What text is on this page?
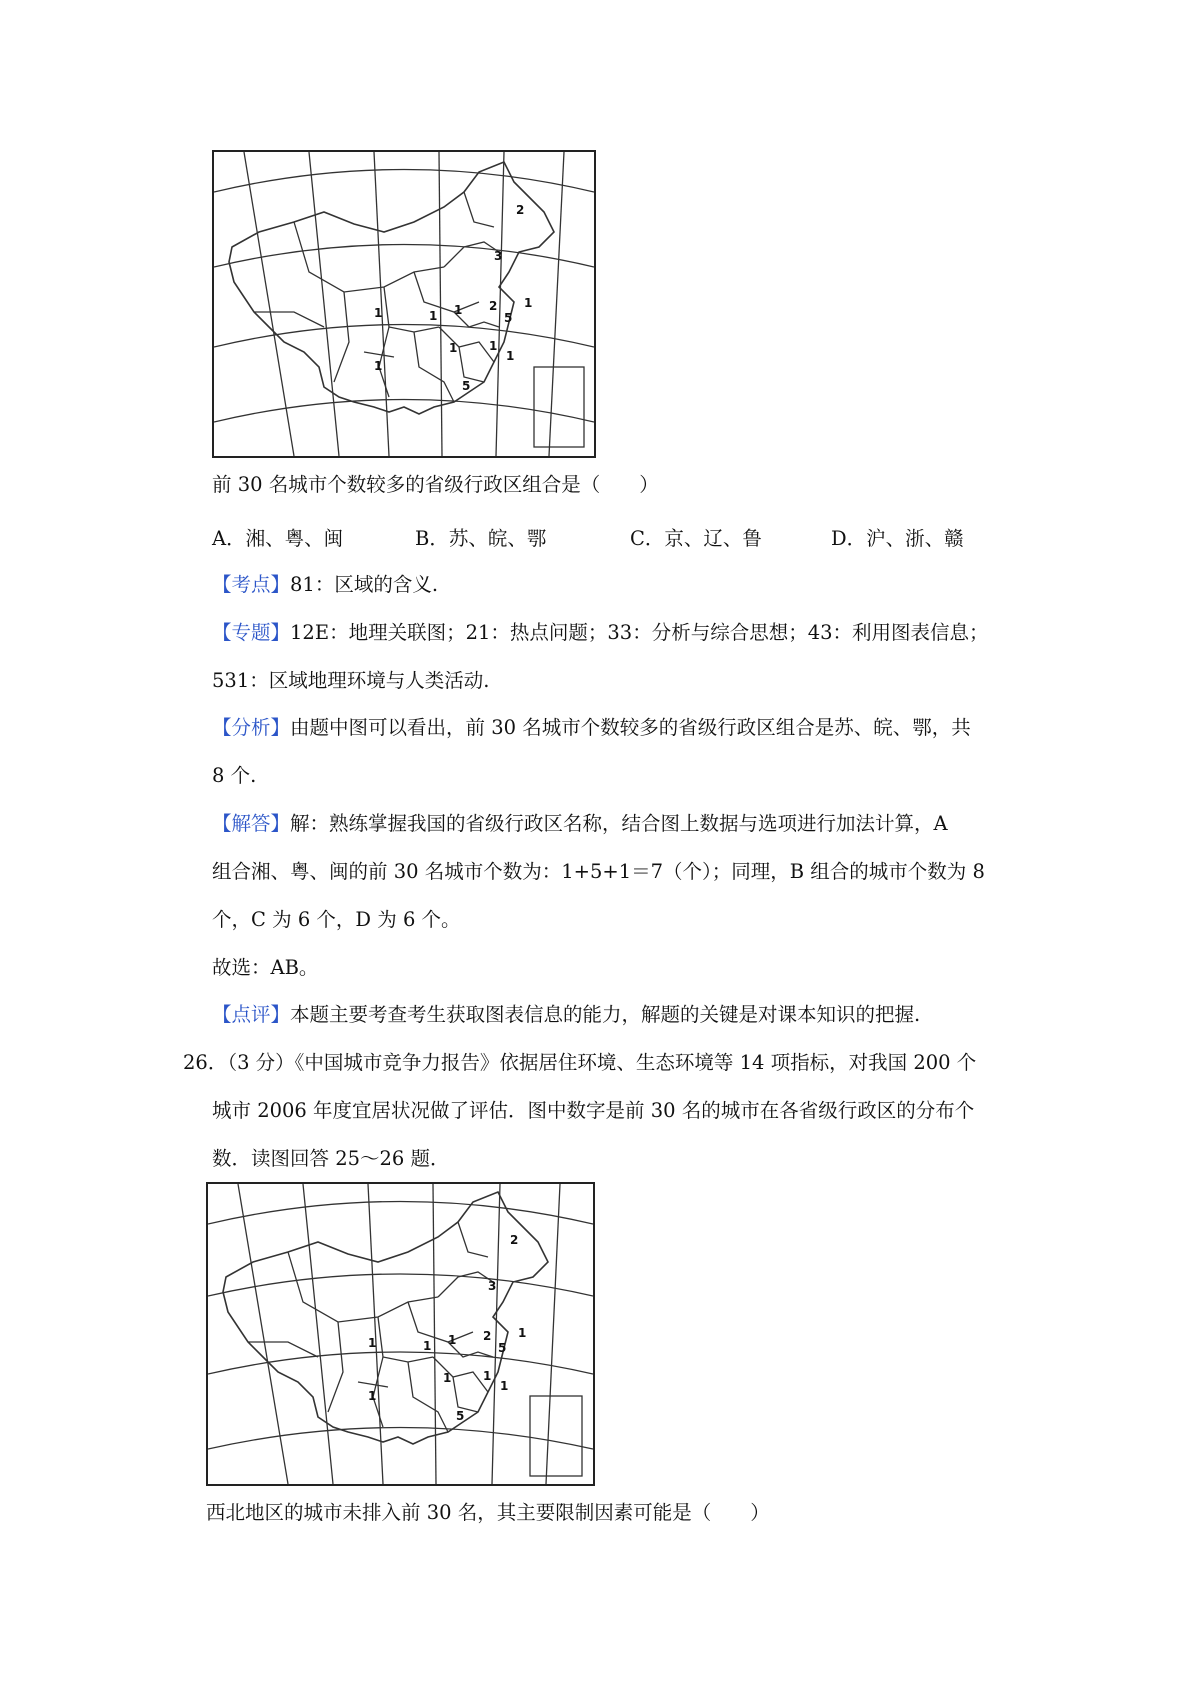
2
3
1
2
5
1
1	1
1	1
1
5
1
前 30 名城市个数较多的省级行政区组合是（　　）
A．湘、粤、闽	B．苏、皖、鄂	C．京、辽、鲁	D．沪、浙、赣
【考点】81：区域的含义.
【专题】12E：地理关联图；21：热点问题；33：分析与综合思想；43：利用图表信息；
531：区域地理环境与人类活动.
【分析】由题中图可以看出，前 30 名城市个数较多的省级行政区组合是苏、皖、鄂，共
8 个.
【解答】解：熟练掌握我国的省级行政区名称，结合图上数据与选项进行加法计算，A
组合湘、粤、闽的前 30 名城市个数为：1+5+1＝7（个）；同理，B 组合的城市个数为 8
个，C 为 6 个，D 为 6 个。
故选：AB。
【点评】本题主要考查考生获取图表信息的能力，解题的关键是对课本知识的把握.
26．（3 分）《中国城市竞争力报告》依据居住环境、生态环境等 14 项指标，对我国 200 个
城市 2006 年度宜居状况做了评估．图中数字是前 30 名的城市在各省级行政区的分布个
数．读图回答 25～26 题．
2
3
1
2
5
1
1	1
1	1
1
5
1
西北地区的城市未排入前 30 名，其主要限制因素可能是（　　）
